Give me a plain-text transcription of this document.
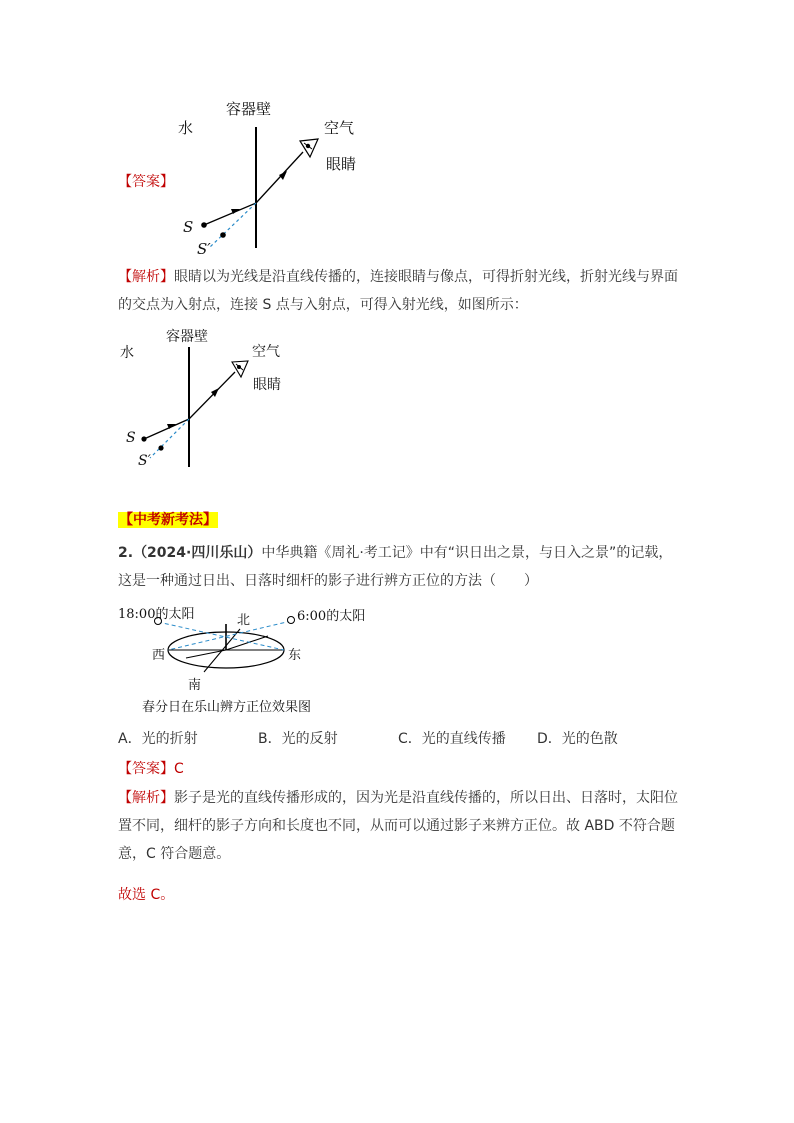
容器壁
水	空气
眼睛
S
S′
【答案】
【解析】眼睛以为光线是沿直线传播的，连接眼睛与像点，可得折射光线，折射光线与界面的交点为入射点，连接 S 点与入射点，可得入射光线，如图所示：
容器壁
水	空气
眼睛
S
S′
【中考新考法】
2.（2024·四川乐山）中华典籍《周礼·考工记》中有“识日出之景，与日入之景”的记载，这是一种通过日出、日落时细杆的影子进行辨方正位的方法（　　）
18:00的太阳	6:00的太阳
北
西	东
南
春分日在乐山辨方正位效果图
A．光的折射	B．光的反射	C．光的直线传播 D．光的色散
【答案】C
【解析】影子是光的直线传播形成的，因为光是沿直线传播的，所以日出、日落时，太阳位置不同，细杆的影子方向和长度也不同，从而可以通过影子来辨方正位。故 ABD 不符合题意，C 符合题意。
故选 C。
